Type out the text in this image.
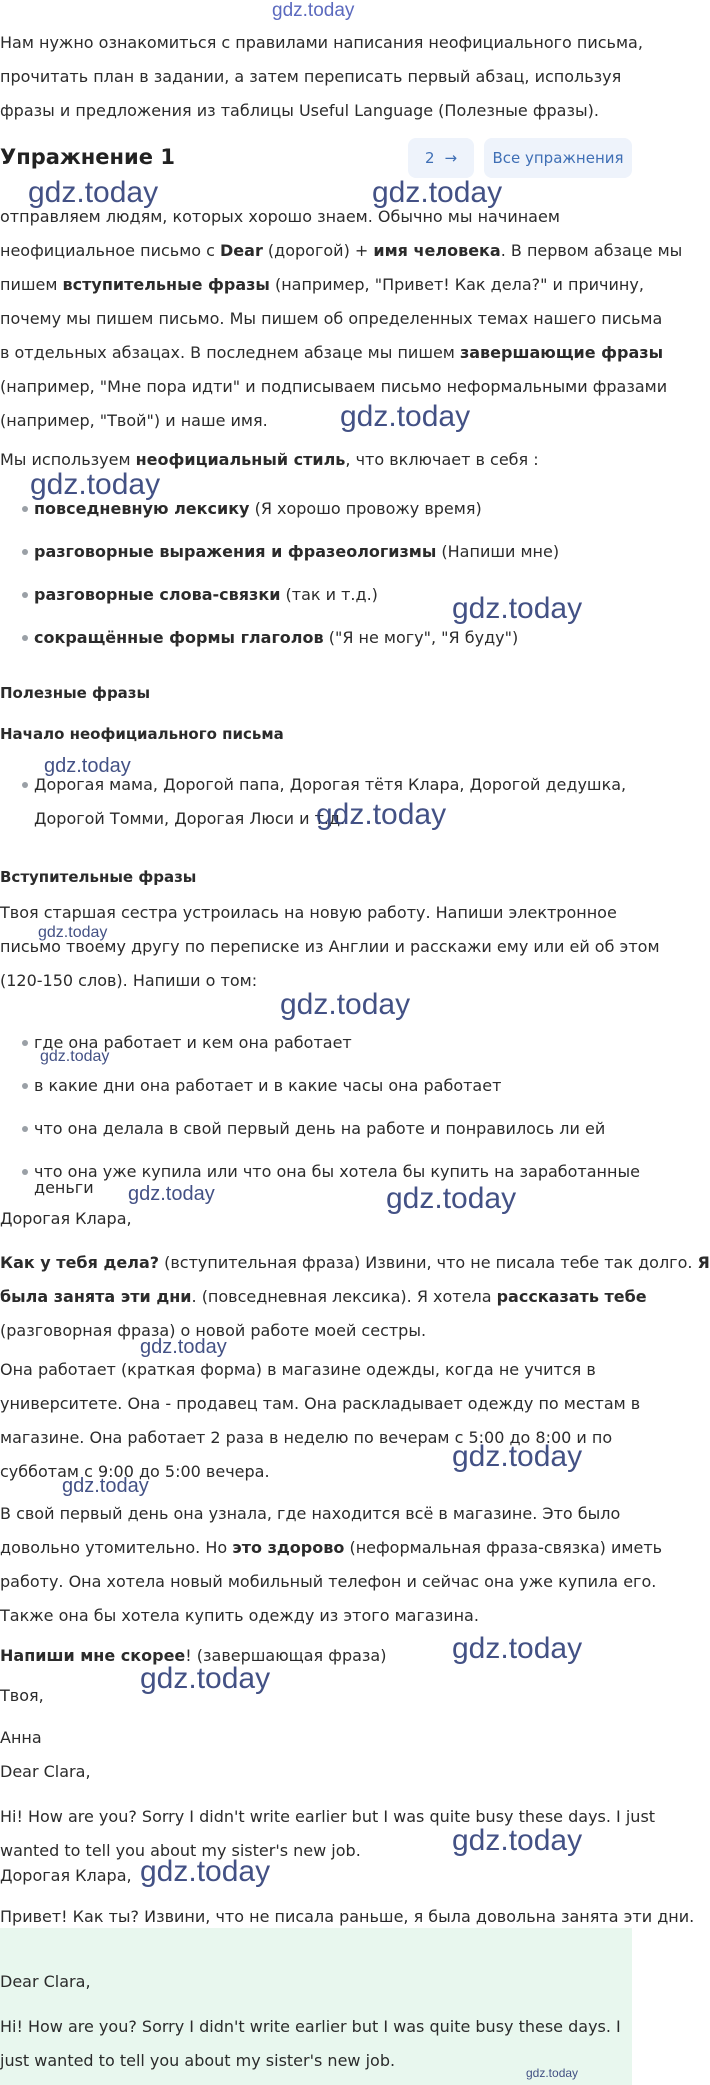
gdz.today
Нам нужно ознакомиться с правилами написания неофициального письма,
прочитать план в задании, а затем переписать первый абзац, используя
фразы и предложения из таблицы Useful Language (Полезные фразы).
Упражнение 1	2 → Все упражнения
отправляем людям, которых хорошо знаем. Обычно мы начинаем
неофициальное письмо с Dear (дорогой) + имя человека. В первом абзаце мы
пишем вступительные фразы (например, "Привет! Как дела?" и причину,
почему мы пишем письмо. Мы пишем об определенных темах нашего письма
в отдельных абзацах. В последнем абзаце мы пишем завершающие фразы
(например, "Мне пора идти" и подписываем письмо неформальными фразами
(например, "Твой") и наше имя.
Мы используем неофициальный стиль, что включает в себя :
повседневную лексику (Я хорошо провожу время)
разговорные выражения и фразеологизмы (Напиши мне)
разговорные слова-связки (так и т.д.)
сокращённые формы глаголов ("Я не могу", "Я буду")
Полезные фразы
Начало неофициального письма
Дорогая мама, Дорогой папа, Дорогая тётя Клара, Дорогой дедушка,
Дорогой Томми, Дорогая Люси и т.д.
Вступительные фразы
Твоя старшая сестра устроилась на новую работу. Напиши электронное
письмо твоему другу по переписке из Англии и расскажи ему или ей об этом
(120-150 слов). Напиши о том:
где она работает и кем она работает
в какие дни она работает и в какие часы она работает
что она делала в свой первый день на работе и понравилось ли ей
что она уже купила или что она бы хотела бы купить на заработанные
деньги
Дорогая Клара,
Как у тебя дела? (вступительная фраза) Извини, что не писала тебе так долго. Я
была занята эти дни. (повседневная лексика). Я хотела рассказать тебе
(разговорная фраза) о новой работе моей сестры.
Она работает (краткая форма) в магазине одежды, когда не учится в
университете. Она - продавец там. Она раскладывает одежду по местам в
магазине. Она работает 2 раза в неделю по вечерам с 5:00 до 8:00 и по
субботам с 9:00 до 5:00 вечера.
В свой первый день она узнала, где находится всё в магазине. Это было
довольно утомительно. Но это здорово (неформальная фраза-связка) иметь
работу. Она хотела новый мобильный телефон и сейчас она уже купила его.
Также она бы хотела купить одежду из этого магазина.
Напиши мне скорее! (завершающая фраза)
Твоя,
Анна
Dear Clara,
Hi! How are you? Sorry I didn't write earlier but I was quite busy these days. I just
wanted to tell you about my sister's new job.
Дорогая Клара,
Привет! Как ты? Извини, что не писала раньше, я была довольна занята эти дни.
Dear Clara,
Hi! How are you? Sorry I didn't write earlier but I was quite busy these days. I
just wanted to tell you about my sister's new job.
gdz.today	gdz.today
gdz.today
gdz.today
gdz.today
gdz.today
gdz.today
gdz.today
gdz.today
gdz.today
gdz.today	gdz.today
gdz.today
gdz.today
gdz.today
gdz.today
gdz.today
gdz.today
gdz.today
gdz.today
